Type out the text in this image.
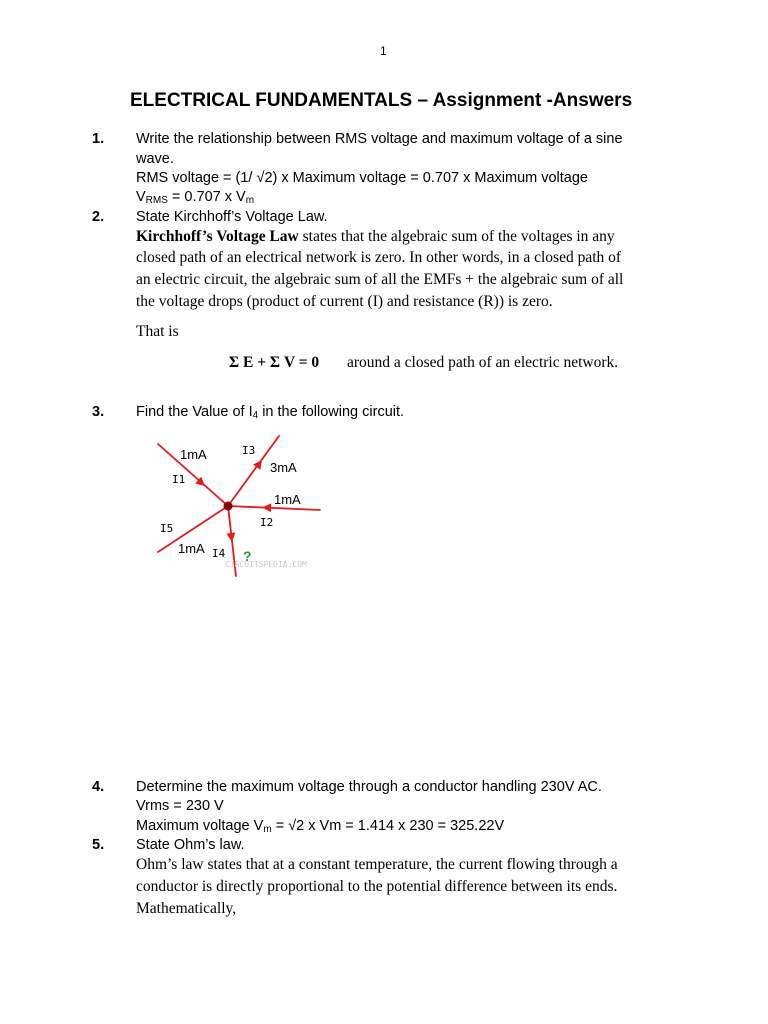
1
ELECTRICAL FUNDAMENTALS – Assignment -Answers
1. Write the relationship between RMS voltage and maximum voltage of a sine
wave.
RMS voltage = (1/ √2) x Maximum voltage = 0.707 x Maximum voltage
$V_{RMS} = 0.707$ x $V_m$
2. State Kirchhoff’s Voltage Law.
Kirchhoff’s Voltage Law states that the algebraic sum of the voltages in any
closed path of an electrical network is zero. In other words, in a closed path of
an electric circuit, the algebraic sum of all the EMFs + the algebraic sum of all
the voltage drops (product of current (I) and resistance (R)) is zero.
That is
Σ E + Σ V = 0 around a closed path of an electric network.
3. Find the Value of $I_4$ in the following circuit.
1mA	I3
3mA
I1
1mA
I2
I5
1mA I4 ?
CIRCUITSPEDIA.COM
4. Determine the maximum voltage through a conductor handling 230V AC.
Vrms = 230 V
Maximum voltage $V_m = √2$ x Vm = 1.414 x 230 = 325.22V
5. State Ohm’s law.
Ohm’s law states that at a constant temperature, the current flowing through a
conductor is directly proportional to the potential difference between its ends.
Mathematically,
